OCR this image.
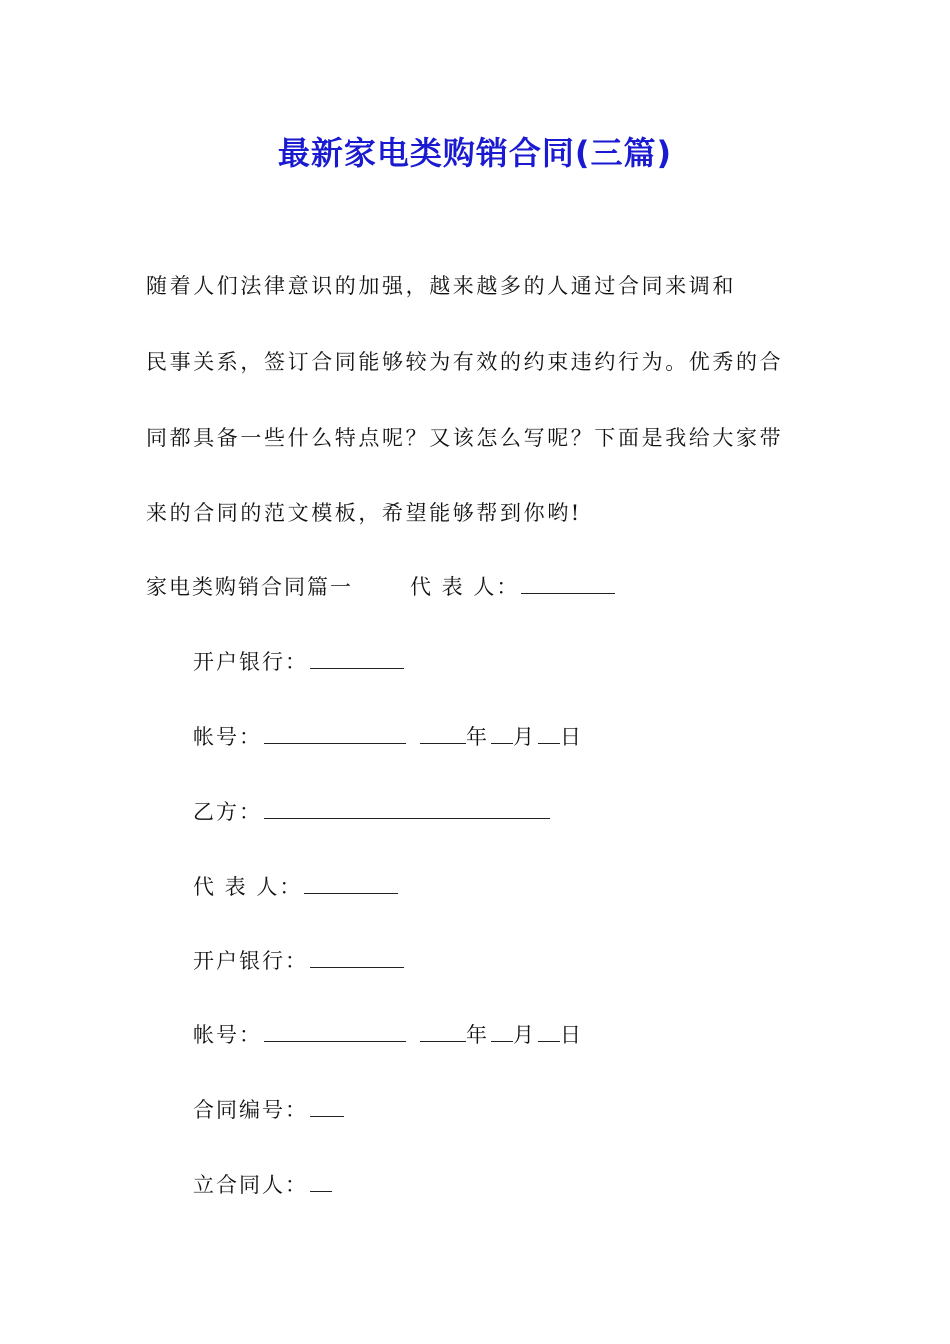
最新家电类购销合同(三篇)
随着人们法律意识的加强，越来越多的人通过合同来调和
民事关系，签订合同能够较为有效的约束违约行为。优秀的合
同都具备一些什么特点呢？又该怎么写呢？下面是我给大家带
来的合同的范文模板，希望能够帮到你哟!
家电类购销合同篇一	代 表 人：
开户银行：
帐号：	年 月 日
乙方：
代 表 人：
开户银行：
帐号：	年 月 日
合同编号：
立合同人：
